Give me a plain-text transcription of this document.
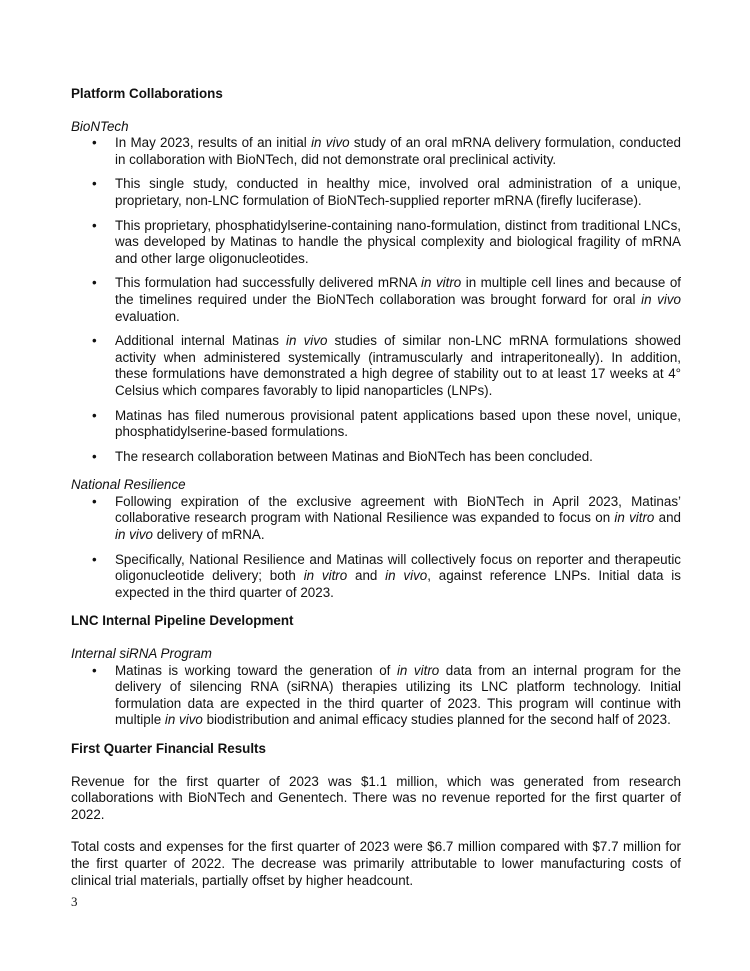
Platform Collaborations
BioNTech
• In May 2023, results of an initial in vivo study of an oral mRNA delivery formulation, conducted in collaboration with BioNTech, did not demonstrate oral preclinical activity.
• This single study, conducted in healthy mice, involved oral administration of a unique, proprietary, non-LNC formulation of BioNTech-supplied reporter mRNA (firefly luciferase).
• This proprietary, phosphatidylserine-containing nano-formulation, distinct from traditional LNCs, was developed by Matinas to handle the physical complexity and biological fragility of mRNA and other large oligonucleotides.
• This formulation had successfully delivered mRNA in vitro in multiple cell lines and because of the timelines required under the BioNTech collaboration was brought forward for oral in vivo evaluation.
• Additional internal Matinas in vivo studies of similar non-LNC mRNA formulations showed activity when administered systemically (intramuscularly and intraperitoneally). In addition, these formulations have demonstrated a high degree of stability out to at least 17 weeks at 4° Celsius which compares favorably to lipid nanoparticles (LNPs).
• Matinas has filed numerous provisional patent applications based upon these novel, unique, phosphatidylserine-based formulations.
• The research collaboration between Matinas and BioNTech has been concluded.
National Resilience
• Following expiration of the exclusive agreement with BioNTech in April 2023, Matinas’ collaborative research program with National Resilience was expanded to focus on in vitro and in vivo delivery of mRNA.
• Specifically, National Resilience and Matinas will collectively focus on reporter and therapeutic oligonucleotide delivery; both in vitro and in vivo, against reference LNPs. Initial data is expected in the third quarter of 2023.
LNC Internal Pipeline Development
Internal siRNA Program
• Matinas is working toward the generation of in vitro data from an internal program for the delivery of silencing RNA (siRNA) therapies utilizing its LNC platform technology. Initial formulation data are expected in the third quarter of 2023. This program will continue with multiple in vivo biodistribution and animal efficacy studies planned for the second half of 2023.
First Quarter Financial Results

Revenue for the first quarter of 2023 was $1.1 million, which was generated from research collaborations with BioNTech and Genentech. There was no revenue reported for the first quarter of 2022.

Total costs and expenses for the first quarter of 2023 were $6.7 million compared with $7.7 million for the first quarter of 2022. The decrease was primarily attributable to lower manufacturing costs of clinical trial materials, partially offset by higher headcount.

3
